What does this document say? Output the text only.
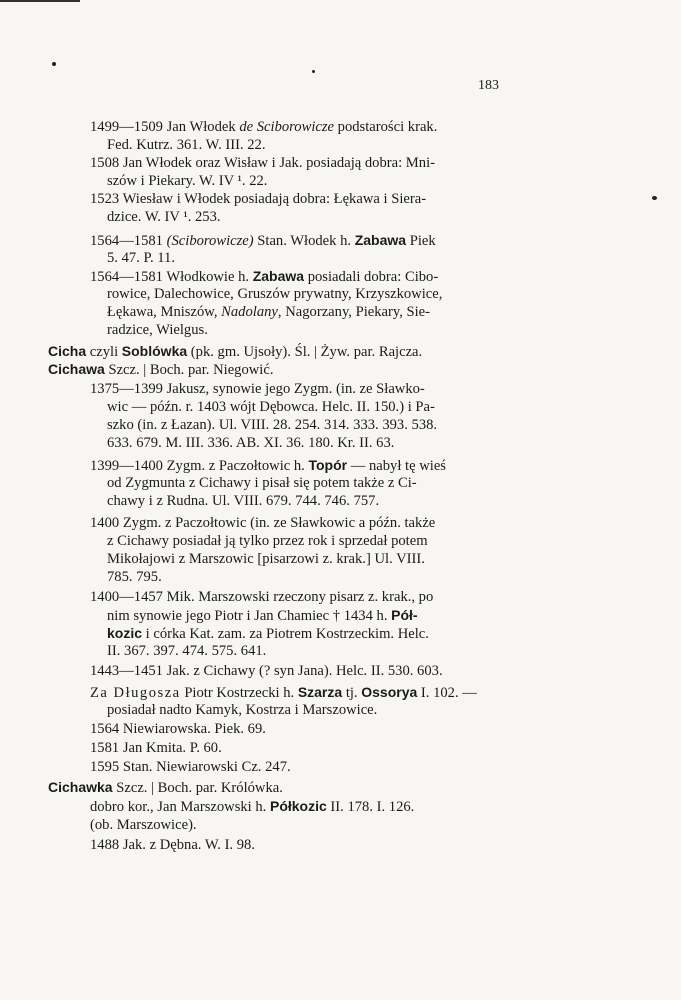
183
1499—1509 Jan Włodek de Sciborowicze podstarości krak.
Fed. Kutrz. 361. W. III. 22.
1508 Jan Włodek oraz Wisław i Jak. posiadają dobra: Mni-
szów i Piekary. W. IV ¹. 22.
1523 Wiesław i Włodek posiadają dobra: Łękawa i Siera-
dzice. W. IV ¹. 253.
1564—1581 (Sciborowicze) Stan. Włodek h. Zabawa Piek
5. 47. P. 11.
1564—1581 Włodkowie h. Zabawa posiadali dobra: Cibo-
rowice, Dalechowice, Gruszów prywatny, Krzyszkowice,
Łękawa, Mniszów, Nadolany, Nagorzany, Piekary, Sie-
radzice, Wielgus.
Cicha czyli Soblówka (pk. gm. Ujsoły). Śl. | Żyw. par. Rajcza.
Cichawa Szcz. | Boch. par. Niegowić.
1375—1399 Jakusz, synowie jego Zygm. (in. ze Sławko-
wic — późn. r. 1403 wójt Dębowca. Helc. II. 150.) i Pa-
szko (in. z Łazan). Ul. VIII. 28. 254. 314. 333. 393. 538.
633. 679. M. III. 336. AB. XI. 36. 180. Kr. II. 63.
1399—1400 Zygm. z Paczołtowic h. Topór — nabył tę wieś
od Zygmunta z Cichawy i pisał się potem także z Ci-
chawy i z Rudna. Ul. VIII. 679. 744. 746. 757.
1400 Zygm. z Paczołtowic (in. ze Sławkowic a późn. także
z Cichawy posiadał ją tylko przez rok i sprzedał potem
Mikołajowi z Marszowic [pisarzowi z. krak.] Ul. VIII.
785. 795.
1400—1457 Mik. Marszowski rzeczony pisarz z. krak., po
nim synowie jego Piotr i Jan Chamiec † 1434 h. Pół-
kozic i córka Kat. zam. za Piotrem Kostrzeckim. Helc.
II. 367. 397. 474. 575. 641.
1443—1451 Jak. z Cichawy (? syn Jana). Helc. II. 530. 603.
Za Długosza Piotr Kostrzecki h. Szarza tj. Ossorya I. 102. —
posiadał nadto Kamyk, Kostrza i Marszowice.
1564 Niewiarowska. Piek. 69.
1581 Jan Kmita. P. 60.
1595 Stan. Niewiarowski Cz. 247.
Cichawka Szcz. | Boch. par. Królówka.
dobro kor., Jan Marszowski h. Półkozic II. 178. I. 126.
(ob. Marszowice).
1488 Jak. z Dębna. W. I. 98.
